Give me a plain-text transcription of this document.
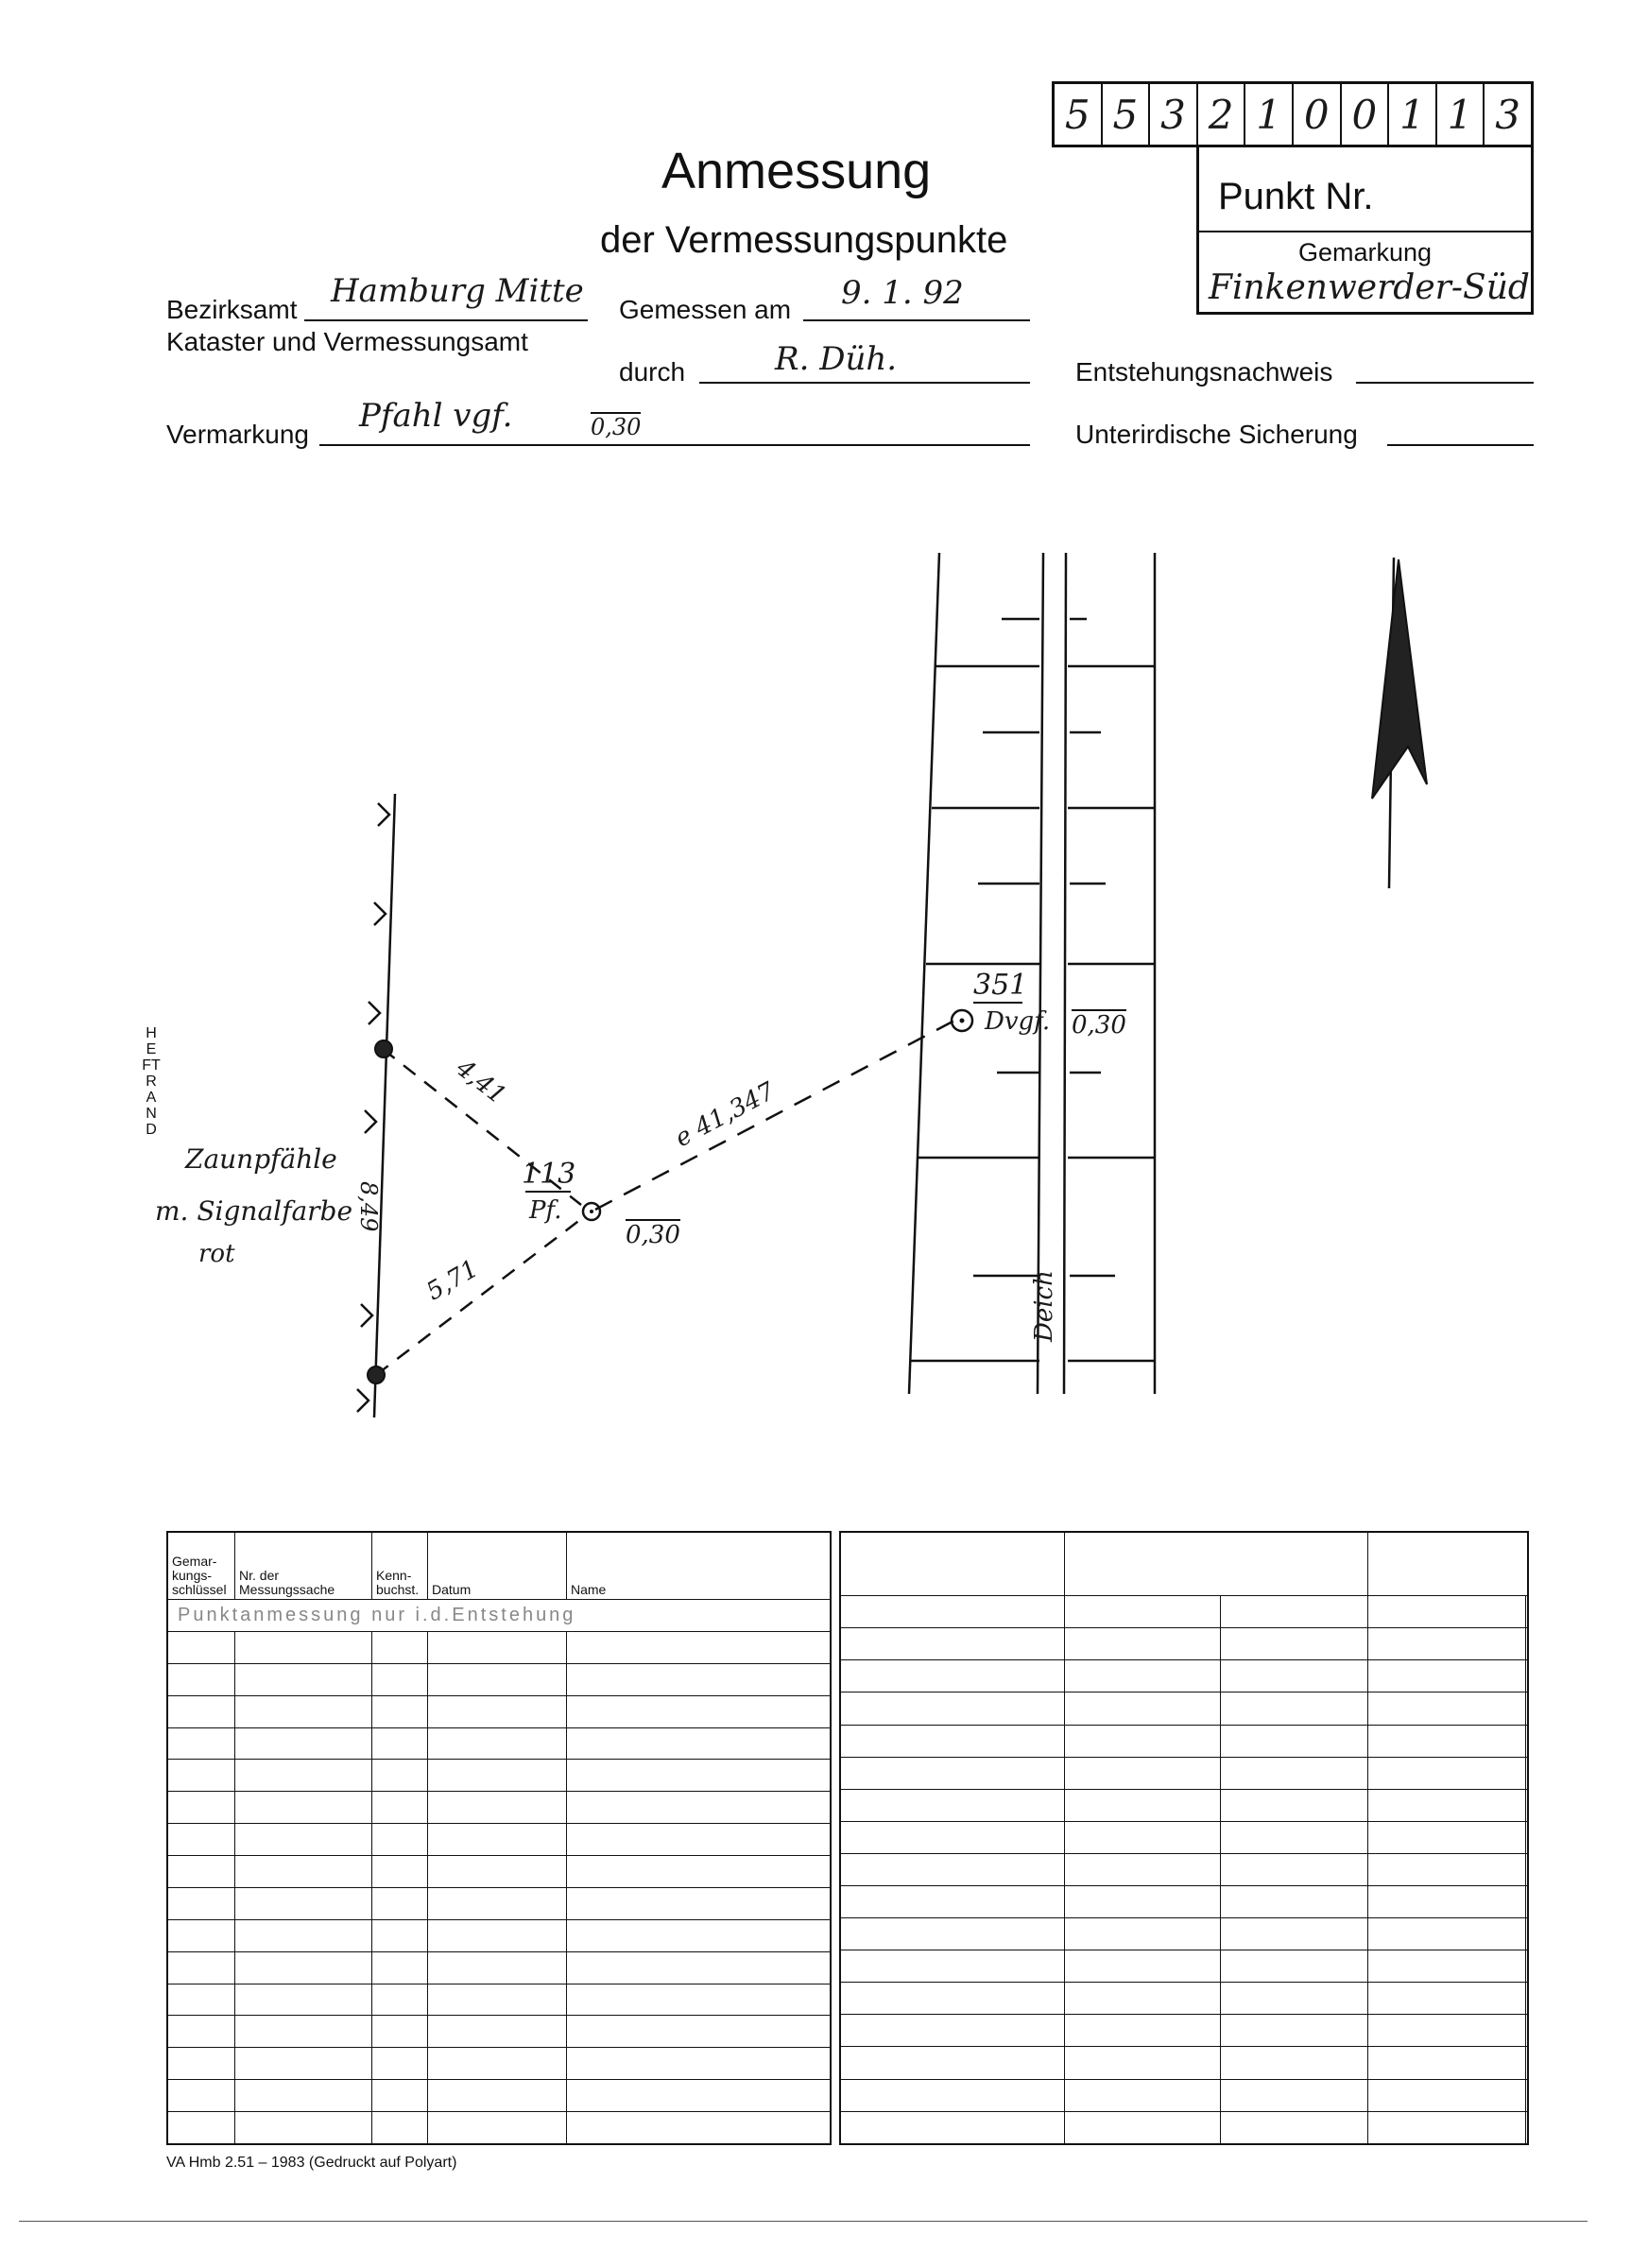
Anmessung
der Vermessungspunkte
5 5 3 2 1 0 0 1 1 3
Punkt Nr.
Gemarkung
Finkenwerder-Süd
Bezirksamt Hamburg Mitte
Kataster und Vermessungsamt
Gemessen am 9. 1. 92
durch	R. Düh.
Vermarkung Pfahl vgf.	0,30
Entstehungsnachweis
Unterirdische Sicherung
HEFTRAND
4,41
5,71
e 41,347
8,49
113
Pf.
0,30
351
Dvgf. 0,30
Zaunpfähle
m. Signalfarbe
rot
Deich
Gemar-kungs-schlüssel	Nr. der Messungssache	Kenn-buchst.	Datum	Name
Punktanmessung nur i.d.Entstehung				

VA Hmb 2.51 – 1983 (Gedruckt auf Polyart)
